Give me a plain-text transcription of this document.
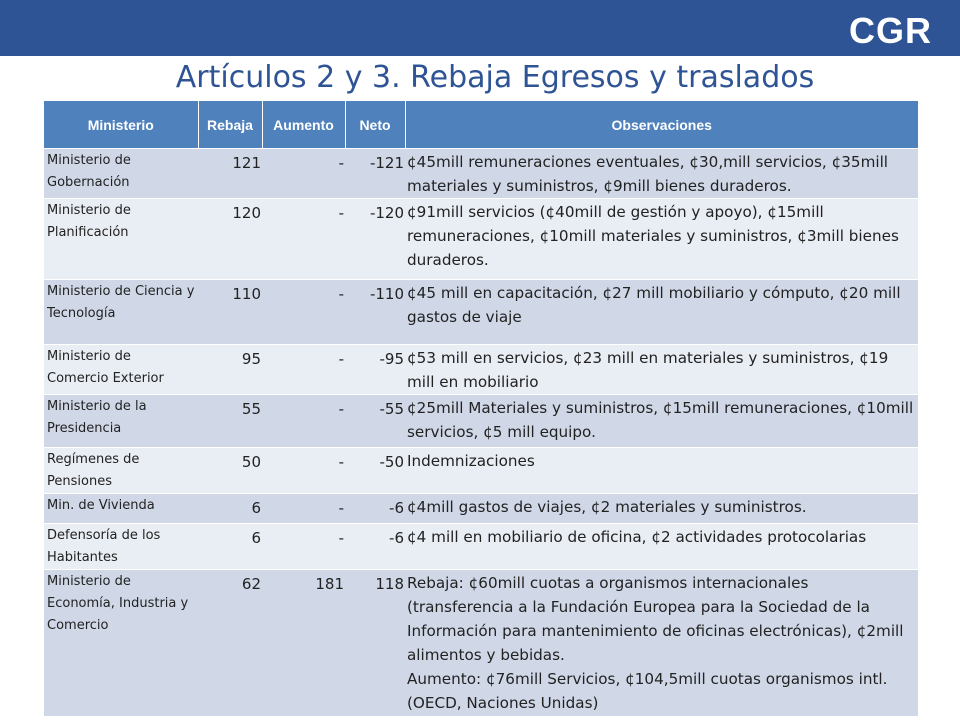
CGR
Artículos 2 y 3. Rebaja Egresos y traslados
Ministerio	Rebaja	Aumento	Neto	Observaciones
Ministerio de Gobernación	121	-	-121	¢45mill remuneraciones eventuales, ¢30,mill servicios, ¢35mill materiales y suministros, ¢9mill bienes duraderos.
Ministerio de Planificación	120	-	-120	¢91mill servicios (¢40mill de gestión y apoyo), ¢15mill remuneraciones, ¢10mill materiales y suministros, ¢3mill bienes duraderos.
Ministerio de Ciencia y Tecnología	110	-	-110	¢45 mill en capacitación, ¢27 mill mobiliario y cómputo, ¢20 mill gastos de viaje
Ministerio de Comercio Exterior	95	-	-95	¢53 mill en servicios, ¢23 mill en materiales y suministros, ¢19 mill en mobiliario
Ministerio de la Presidencia	55	-	-55	¢25mill Materiales y suministros, ¢15mill remuneraciones, ¢10mill servicios, ¢5 mill equipo.
Regímenes de Pensiones	50	-	-50	Indemnizaciones
Min. de Vivienda	6	-	-6	¢4mill gastos de viajes, ¢2 materiales y suministros.
Defensoría de los Habitantes	6	-	-6	¢4 mill en mobiliario de oficina, ¢2 actividades protocolarias
Ministerio de Economía, Industria y Comercio	62	181	118	Rebaja: ¢60mill cuotas a organismos internacionales (transferencia a la Fundación Europea para la Sociedad de la Información para mantenimiento de oficinas electrónicas), ¢2mill alimentos y bebidas.
Aumento: ¢76mill Servicios, ¢104,5mill cuotas organismos intl. (OECD, Naciones Unidas)
